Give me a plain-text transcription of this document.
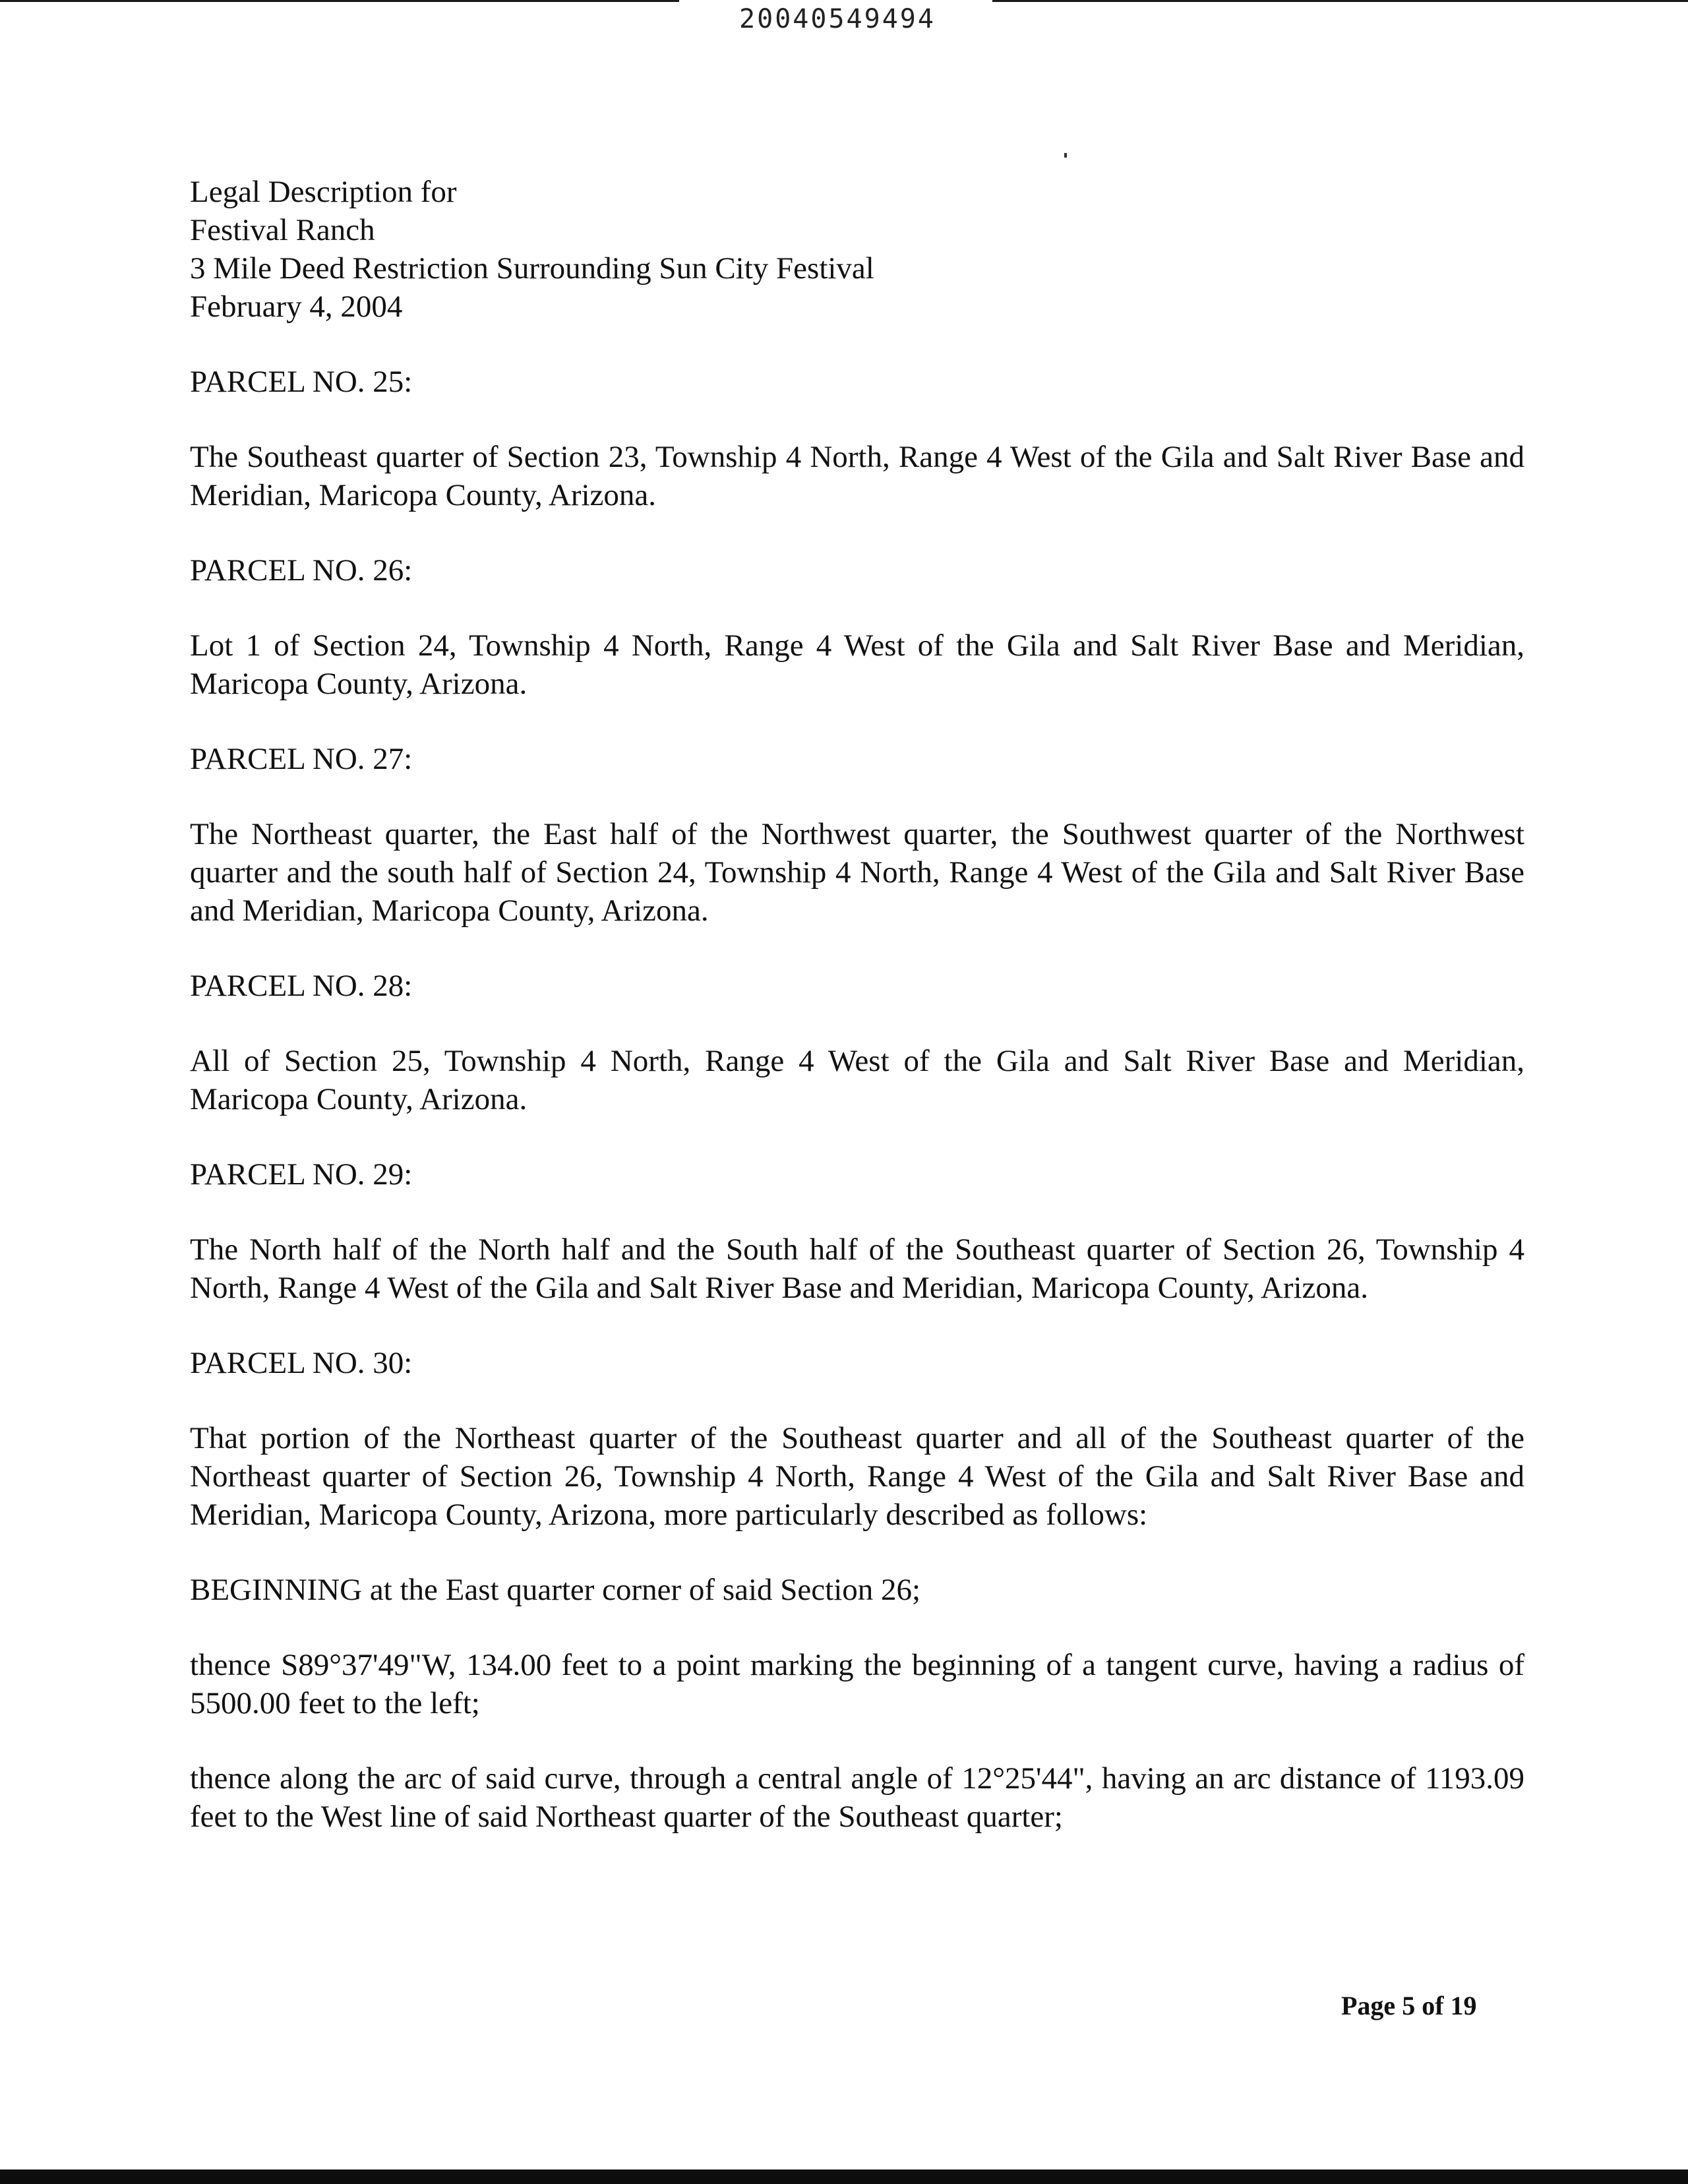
20040549494
Legal Description for
Festival Ranch
3 Mile Deed Restriction Surrounding Sun City Festival
February 4, 2004
PARCEL NO. 25:

The Southeast quarter of Section 23, Township 4 North, Range 4 West of the Gila and Salt River Base and Meridian, Maricopa County, Arizona.

PARCEL NO. 26:

Lot 1 of Section 24, Township 4 North, Range 4 West of the Gila and Salt River Base and Meridian, Maricopa County, Arizona.

PARCEL NO. 27:

The Northeast quarter, the East half of the Northwest quarter, the Southwest quarter of the Northwest quarter and the south half of Section 24, Township 4 North, Range 4 West of the Gila and Salt River Base and Meridian, Maricopa County, Arizona.

PARCEL NO. 28:

All of Section 25, Township 4 North, Range 4 West of the Gila and Salt River Base and Meridian, Maricopa County, Arizona.

PARCEL NO. 29:

The North half of the North half and the South half of the Southeast quarter of Section 26, Township 4 North, Range 4 West of the Gila and Salt River Base and Meridian, Maricopa County, Arizona.

PARCEL NO. 30:

That portion of the Northeast quarter of the Southeast quarter and all of the Southeast quarter of the Northeast quarter of Section 26, Township 4 North, Range 4 West of the Gila and Salt River Base and Meridian, Maricopa County, Arizona, more particularly described as follows:

BEGINNING at the East quarter corner of said Section 26;

thence S89°37'49"W, 134.00 feet to a point marking the beginning of a tangent curve, having a radius of 5500.00 feet to the left;

thence along the arc of said curve, through a central angle of 12°25'44", having an arc distance of 1193.09 feet to the West line of said Northeast quarter of the Southeast quarter;

Page 5 of 19
